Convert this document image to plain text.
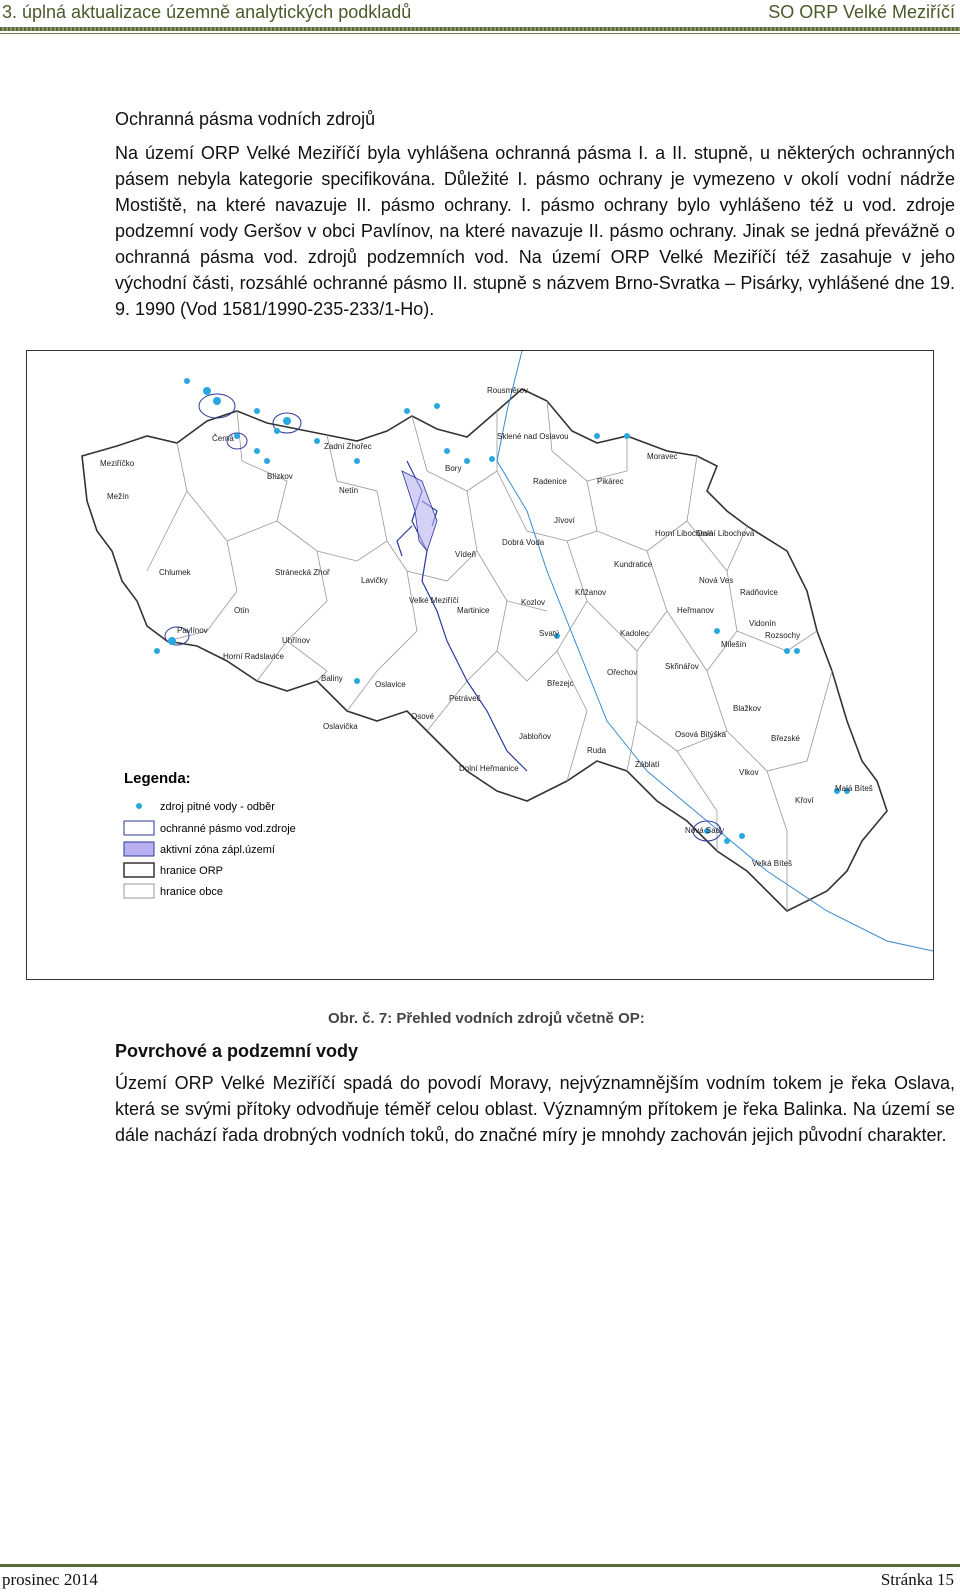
3. úplná aktualizace územně analytických podkladů	SO ORP Velké Meziříčí
Ochranná pásma vodních zdrojů
Na území ORP Velké Meziříčí byla vyhlášena ochranná pásma I. a II. stupně, u některých ochranných pásem nebyla kategorie specifikována. Důležité I. pásmo ochrany je vymezeno v okolí vodní nádrže Mostiště, na které navazuje II. pásmo ochrany. I. pásmo ochrany bylo vyhlášeno též u vod. zdroje podzemní vody Geršov v obci Pavlínov, na které navazuje II. pásmo ochrany. Jinak se jedná převážně o ochranná pásma vod. zdrojů podzemních vod. Na území ORP Velké Meziříčí též zasahuje v jeho východní části, rozsáhlé ochranné pásmo II. stupně s názvem Brno-Svratka – Pisárky, vyhlášené dne 19. 9. 1990 (Vod 1581/1990-235-233/1-Ho).
Rousměrov
Černá
Zadní Zhořec
Sklené nad Oslavou
Moravec
Bory
Radenice	Pikárec
Meziříčko
Blízkov
Netín
Mežín
Jívoví
Horní Libochová
Dolní Libochová
Dobrá Voda
Vídeň
Kundratice
Chlumek	Stránecká Zhoř
Lavičky
Křižanov
Kozlov
Nová Ves
Radňovice
Velké Meziříčí
Martinice	Heřmanov
Otín
Vidonín
Pavlínov
Uhřínov
Svatý	Kadolec	Rozsochy
Horní Radslavice
Milešín
Oslavice
Ořechov
Skřinářov
Baliny
Březejc
Petráveč
Osové
Blažkov
Oslavička
Jabloňov	Osová Bitýška	Březské
Ruda
Dolní Heřmanice	Záblatí
Vlkov
Křoví
Nová Sady
Velká Bíteš
Malá Bíteš
Legenda:
zdroj pitné vody - odběr
ochranné pásmo vod.zdroje
aktivní zóna zápl.území
hranice ORP
hranice obce
Obr. č. 7: Přehled vodních zdrojů včetně OP:
Povrchové a podzemní vody
Území ORP Velké Meziříčí spadá do povodí Moravy, nejvýznamnějším vodním tokem je řeka Oslava, která se svými přítoky odvodňuje téměř celou oblast. Významným přítokem je řeka Balinka. Na území se dále nachází řada drobných vodních toků, do značné míry je mnohdy zachován jejich původní charakter.
prosinec 2014	Stránka 15
